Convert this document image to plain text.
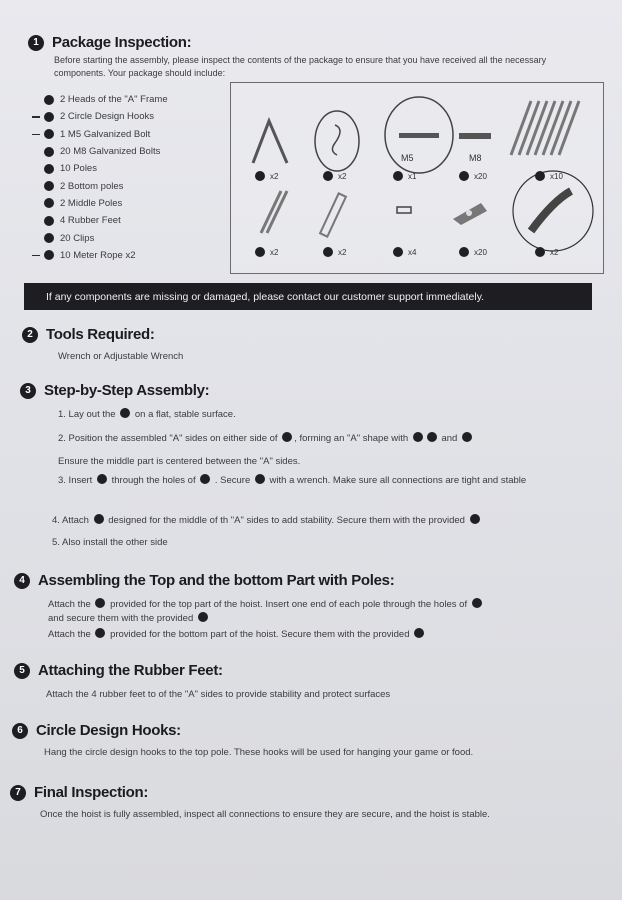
1 Package Inspection:
Before starting the assembly, please inspect the contents of the package to ensure that you have received all the necessary components. Your package should include:
2 Heads of the "A" Frame
2 Circle Design Hooks
1 M5 Galvanized Bolt
20 M8 Galvanized Bolts
10 Poles
2 Bottom poles
2 Middle Poles
4 Rubber Feet
20 Clips
10 Meter Rope x2
M5	M8
x2	x2	x1	x20	x10
x2	x2	x4	x20	x2
If any components are missing or damaged, please contact our customer support immediately.
2 Tools Required:
Wrench or Adjustable Wrench
3 Step-by-Step Assembly:
1. Lay out the on a flat, stable surface.
2. Position the assembled "A" sides on either side of , forming an "A" shape with	and
Ensure the middle part is centered between the "A" sides.
3. Insert through the holes of . Secure with a wrench. Make sure all connections are tight and stable
4. Attach designed for the middle of th "A" sides to add stability. Secure them with the provided
5. Also install the other side
4 Assembling the Top and the bottom Part with Poles:
Attach the provided for the top part of the hoist. Insert one end of each pole through the holes of
and secure them with the provided
Attach the provided for the bottom part of the hoist. Secure them with the provided
5 Attaching the Rubber Feet:
Attach the 4 rubber feet to of the "A" sides to provide stability and protect surfaces
6 Circle Design Hooks:
Hang the circle design hooks to the top pole. These hooks will be used for hanging your game or food.
7 Final Inspection:
Once the hoist is fully assembled, inspect all connections to ensure they are secure, and the hoist is stable.
